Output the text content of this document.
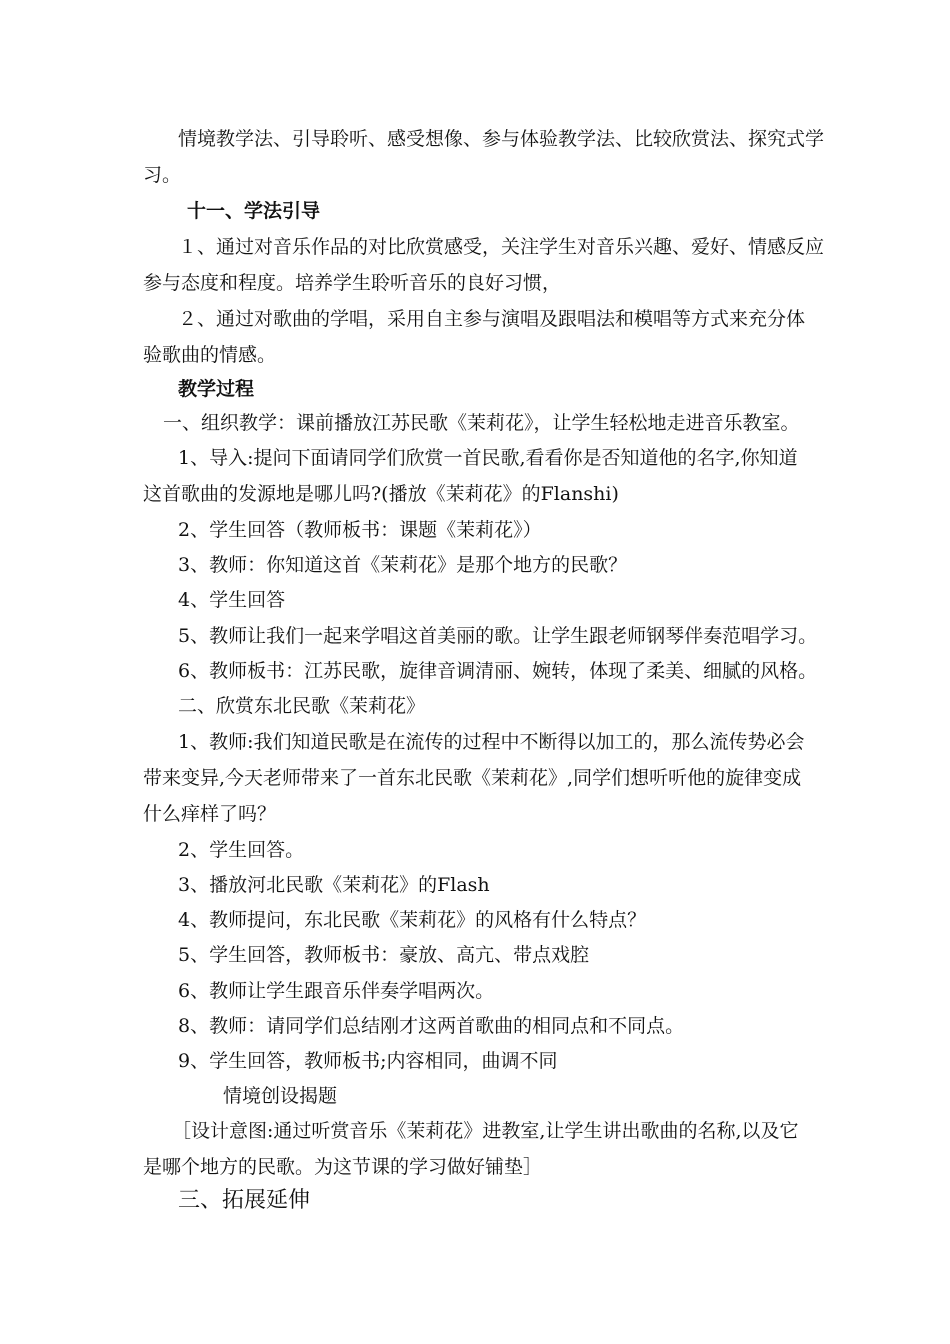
情境教学法、引导聆听、感受想像、参与体验教学法、比较欣赏法、探究式学
习。
十一、学法引导
１、通过对音乐作品的对比欣赏感受，关注学生对音乐兴趣、爱好、情感反应
参与态度和程度。培养学生聆听音乐的良好习惯，
２、通过对歌曲的学唱，采用自主参与演唱及跟唱法和模唱等方式来充分体
验歌曲的情感。
教学过程
一、组织教学：课前播放江苏民歌《茉莉花》，让学生轻松地走进音乐教室。
1、导入:提问下面请同学们欣赏一首民歌,看看你是否知道他的名字,你知道
这首歌曲的发源地是哪儿吗?(播放《茉莉花》的Flanshi)
2、学生回答（教师板书：课题《茉莉花》）
3、教师：你知道这首《茉莉花》是那个地方的民歌？
4、学生回答
5、教师让我们一起来学唱这首美丽的歌。让学生跟老师钢琴伴奏范唱学习。
6、教师板书：江苏民歌，旋律音调清丽、婉转，体现了柔美、细腻的风格。
二、欣赏东北民歌《茉莉花》
1、教师:我们知道民歌是在流传的过程中不断得以加工的，那么流传势必会
带来变异,今天老师带来了一首东北民歌《茉莉花》,同学们想听听他的旋律变成
什么痒样了吗？
2、学生回答。
3、播放河北民歌《茉莉花》的Flash
4、教师提问，东北民歌《茉莉花》的风格有什么特点？
5、学生回答，教师板书：豪放、高亢、带点戏腔
6、教师让学生跟音乐伴奏学唱两次。
8、教师：请同学们总结刚才这两首歌曲的相同点和不同点。
9、学生回答，教师板书;内容相同，曲调不同
情境创设揭题
［设计意图:通过听赏音乐《茉莉花》进教室,让学生讲出歌曲的名称,以及它
是哪个地方的民歌。为这节课的学习做好铺垫］
三、拓展延伸
